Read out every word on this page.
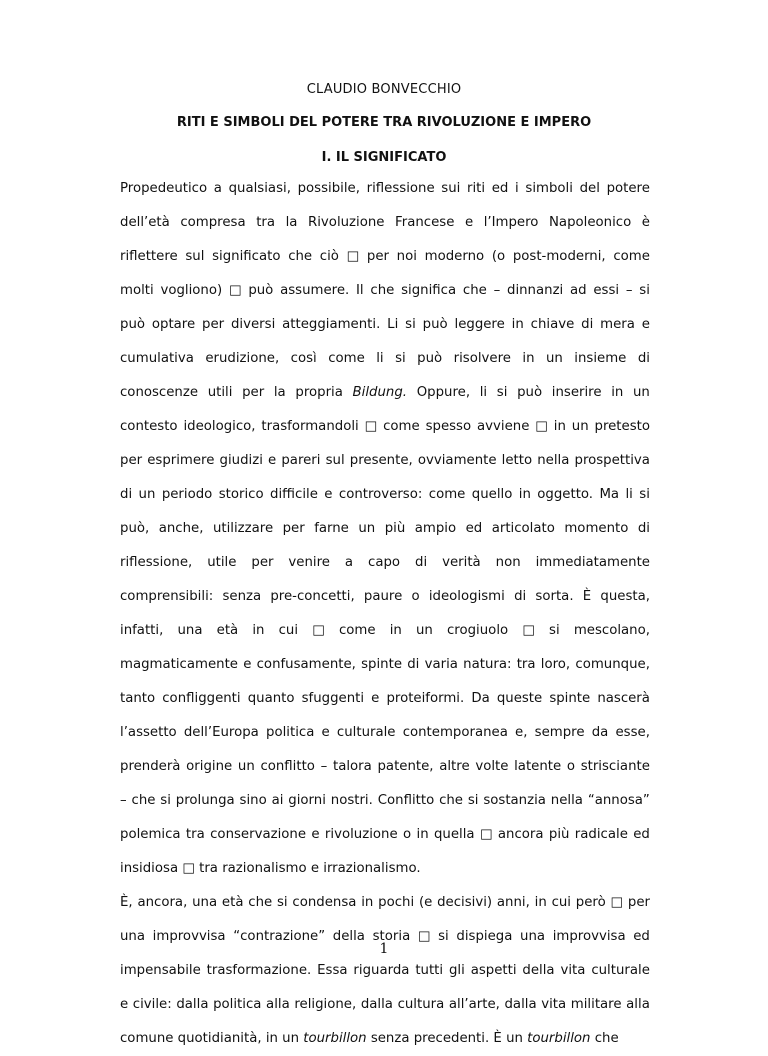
CLAUDIO BONVECCHIO
RITI E SIMBOLI DEL POTERE TRA RIVOLUZIONE E IMPERO
I. IL SIGNIFICATO
Propedeutico a qualsiasi, possibile, riflessione sui riti ed i simboli del potere
dell’età compresa tra la Rivoluzione Francese e l’Impero Napoleonico è
riflettere sul significato che ciò □ per noi moderno (o post-moderni, come
molti vogliono) □ può assumere. Il che significa che – dinnanzi ad essi – si
può optare per diversi atteggiamenti. Li si può leggere in chiave di mera e
cumulativa erudizione, così come li si può risolvere in un insieme di
conoscenze utili per la propria Bildung. Oppure, li si può inserire in un
contesto ideologico, trasformandoli □ come spesso avviene □ in un pretesto
per esprimere giudizi e pareri sul presente, ovviamente letto nella prospettiva
di un periodo storico difficile e controverso: come quello in oggetto. Ma li si
può, anche, utilizzare per farne un più ampio ed articolato momento di
riflessione, utile per venire a capo di verità non immediatamente
comprensibili: senza pre-concetti, paure o ideologismi di sorta. È questa,
infatti, una età in cui □ come in un crogiuolo □ si mescolano,
magmaticamente e confusamente, spinte di varia natura: tra loro, comunque,
tanto confliggenti quanto sfuggenti e proteiformi. Da queste spinte nascerà
l’assetto dell’Europa politica e culturale contemporanea e, sempre da esse,
prenderà origine un conflitto – talora patente, altre volte latente o strisciante
– che si prolunga sino ai giorni nostri. Conflitto che si sostanzia nella “annosa”
polemica tra conservazione e rivoluzione o in quella □ ancora più radicale ed
insidiosa □ tra razionalismo e irrazionalismo.
È, ancora, una età che si condensa in pochi (e decisivi) anni, in cui però □ per
una improvvisa “contrazione” della storia □ si dispiega una improvvisa ed
impensabile trasformazione. Essa riguarda tutti gli aspetti della vita culturale
e civile: dalla politica alla religione, dalla cultura all’arte, dalla vita militare alla
comune quotidianità, in un tourbillon senza precedenti. È un tourbillon che
1
